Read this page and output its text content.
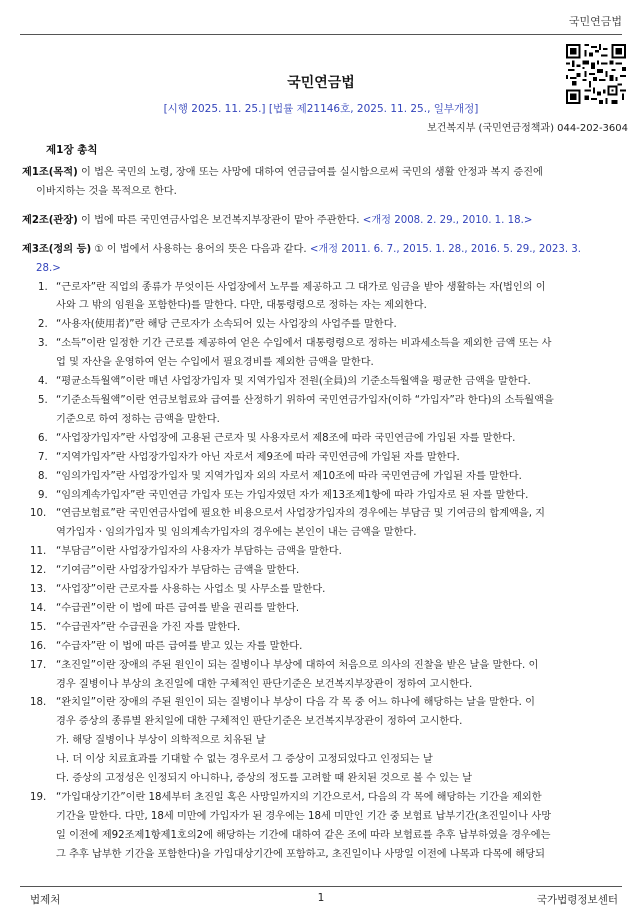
국민연금법
국민연금법
[시행 2025. 11. 25.] [법률 제21146호, 2025. 11. 25., 일부개정]
보건복지부 (국민연금정책과) 044-202-3604
제1장 총칙
제1조(목적) 이 법은 국민의 노령, 장애 또는 사망에 대하여 연금급여를 실시함으로써 국민의 생활 안정과 복지 증진에
이바지하는 것을 목적으로 한다.
제2조(관장) 이 법에 따른 국민연금사업은 보건복지부장관이 맡아 주관한다. <개정 2008. 2. 29., 2010. 1. 18.>
제3조(정의 등) ① 이 법에서 사용하는 용어의 뜻은 다음과 같다. <개정 2011. 6. 7., 2015. 1. 28., 2016. 5. 29., 2023. 3.
28.>
1. “근로자”란 직업의 종류가 무엇이든 사업장에서 노무를 제공하고 그 대가로 임금을 받아 생활하는 자(법인의 이
사와 그 밖의 임원을 포함한다)를 말한다. 다만, 대통령령으로 정하는 자는 제외한다.
2. “사용자(使用者)”란 해당 근로자가 소속되어 있는 사업장의 사업주를 말한다.
3. “소득”이란 일정한 기간 근로를 제공하여 얻은 수입에서 대통령령으로 정하는 비과세소득을 제외한 금액 또는 사
업 및 자산을 운영하여 얻는 수입에서 필요경비를 제외한 금액을 말한다.
4. “평균소득월액”이란 매년 사업장가입자 및 지역가입자 전원(全員)의 기준소득월액을 평균한 금액을 말한다.
5. “기준소득월액”이란 연금보험료와 급여를 산정하기 위하여 국민연금가입자(이하 “가입자”라 한다)의 소득월액을
기준으로 하여 정하는 금액을 말한다.
6. “사업장가입자”란 사업장에 고용된 근로자 및 사용자로서 제8조에 따라 국민연금에 가입된 자를 말한다.
7. “지역가입자”란 사업장가입자가 아닌 자로서 제9조에 따라 국민연금에 가입된 자를 말한다.
8. “임의가입자”란 사업장가입자 및 지역가입자 외의 자로서 제10조에 따라 국민연금에 가입된 자를 말한다.
9. “임의계속가입자”란 국민연금 가입자 또는 가입자였던 자가 제13조제1항에 따라 가입자로 된 자를 말한다.
10. “연금보험료”란 국민연금사업에 필요한 비용으로서 사업장가입자의 경우에는 부담금 및 기여금의 합계액을, 지
역가입자ㆍ임의가입자 및 임의계속가입자의 경우에는 본인이 내는 금액을 말한다.
11. “부담금”이란 사업장가입자의 사용자가 부담하는 금액을 말한다.
12. “기여금”이란 사업장가입자가 부담하는 금액을 말한다.
13. “사업장”이란 근로자를 사용하는 사업소 및 사무소를 말한다.
14. “수급권”이란 이 법에 따른 급여를 받을 권리를 말한다.
15. “수급권자”란 수급권을 가진 자를 말한다.
16. “수급자”란 이 법에 따른 급여를 받고 있는 자를 말한다.
17. “초진일”이란 장애의 주된 원인이 되는 질병이나 부상에 대하여 처음으로 의사의 진찰을 받은 날을 말한다. 이
경우 질병이나 부상의 초진일에 대한 구체적인 판단기준은 보건복지부장관이 정하여 고시한다.
18. “완치일”이란 장애의 주된 원인이 되는 질병이나 부상이 다음 각 목 중 어느 하나에 해당하는 날을 말한다. 이
경우 증상의 종류별 완치일에 대한 구체적인 판단기준은 보건복지부장관이 정하여 고시한다.
가. 해당 질병이나 부상이 의학적으로 치유된 날
나. 더 이상 치료효과를 기대할 수 없는 경우로서 그 증상이 고정되었다고 인정되는 날
다. 증상의 고정성은 인정되지 아니하나, 증상의 정도를 고려할 때 완치된 것으로 볼 수 있는 날
19. “가입대상기간”이란 18세부터 초진일 혹은 사망일까지의 기간으로서, 다음의 각 목에 해당하는 기간을 제외한
기간을 말한다. 다만, 18세 미만에 가입자가 된 경우에는 18세 미만인 기간 중 보험료 납부기간(초진일이나 사망
일 이전에 제92조제1항제1호의2에 해당하는 기간에 대하여 같은 조에 따라 보험료를 추후 납부하였을 경우에는
그 추후 납부한 기간을 포함한다)을 가입대상기간에 포함하고, 초진일이나 사망일 이전에 나목과 다목에 해당되
법제처	1	국가법령정보센터
